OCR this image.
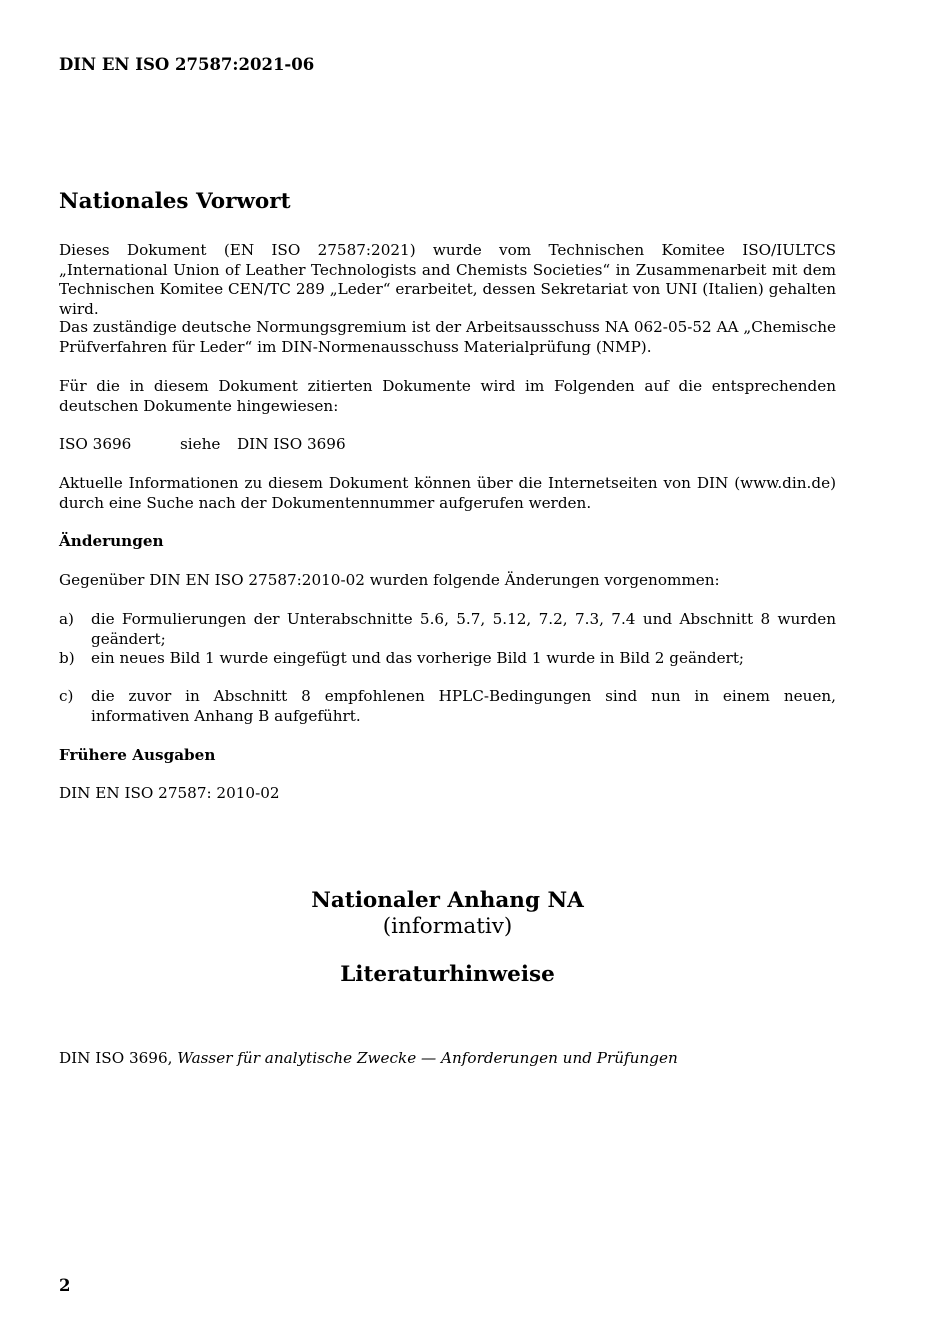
DIN EN ISO 27587:2021-06
Nationales Vorwort

Dieses Dokument (EN ISO 27587:2021) wurde vom Technischen Komitee ISO/IULTCS „International Union of Leather Technologists and Chemists Societies“ in Zusammenarbeit mit dem Technischen Komitee CEN/TC 289 „Leder“ erarbeitet, dessen Sekretariat von UNI (Italien) gehalten wird.

Das zuständige deutsche Normungsgremium ist der Arbeitsausschuss NA 062-05-52 AA „Chemische Prüfverfahren für Leder“ im DIN-Normenausschuss Materialprüfung (NMP).

Für die in diesem Dokument zitierten Dokumente wird im Folgenden auf die entsprechenden deutschen Dokumente hingewiesen:

ISO 3696	siehe DIN ISO 3696

Aktuelle Informationen zu diesem Dokument können über die Internetseiten von DIN (www.din.de) durch eine Suche nach der Dokumentennummer aufgerufen werden.

Änderungen

Gegenüber DIN EN ISO 27587:2010-02 wurden folgende Änderungen vorgenommen:

a) die Formulierungen der Unterabschnitte 5.6, 5.7, 5.12, 7.2, 7.3, 7.4 und Abschnitt 8 wurden geändert;
b) ein neues Bild 1 wurde eingefügt und das vorherige Bild 1 wurde in Bild 2 geändert;
c) die zuvor in Abschnitt 8 empfohlenen HPLC-Bedingungen sind nun in einem neuen, informativen Anhang B aufgeführt.
Frühere Ausgaben

DIN EN ISO 27587: 2010-02

Nationaler Anhang NA
(informativ)
Literaturhinweise
DIN ISO 3696, Wasser für analytische Zwecke — Anforderungen und Prüfungen
2
